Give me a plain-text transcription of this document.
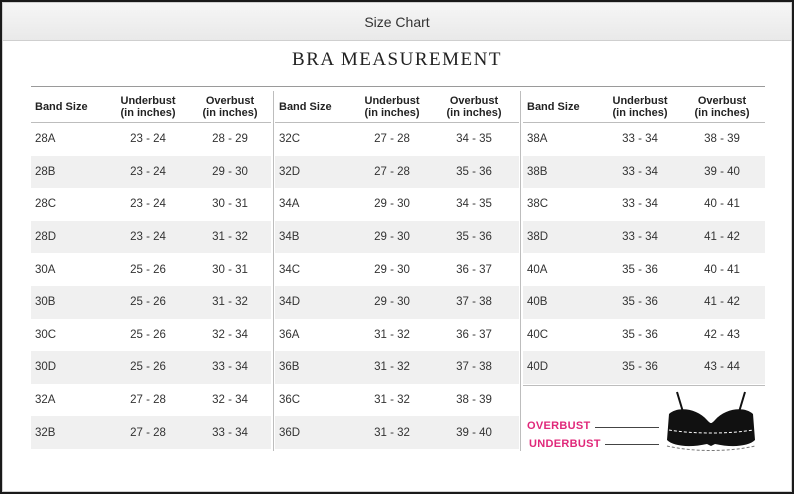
Size Chart
BRA MEASUREMENT
Band Size	Underbust
(in inches)
Overbust
(in inches)
28A	23 - 24	28 - 29
28B	23 - 24	29 - 30
28C	23 - 24	30 - 31
28D	23 - 24	31 - 32
30A	25 - 26	30 - 31
30B	25 - 26	31 - 32
30C	25 - 26	32 - 34
30D	25 - 26	33 - 34
32A	27 - 28	32 - 34
32B	27 - 28	33 - 34
Band Size	Underbust
(in inches)
Overbust
(in inches)
32C	27 - 28	34 - 35
32D	27 - 28	35 - 36
34A	29 - 30	34 - 35
34B	29 - 30	35 - 36
34C	29 - 30	36 - 37
34D	29 - 30	37 - 38
36A	31 - 32	36 - 37
36B	31 - 32	37 - 38
36C	31 - 32	38 - 39
36D	31 - 32	39 - 40
Band Size	Underbust
(in inches)
Overbust
(in inches)
38A	33 - 34	38 - 39
38B	33 - 34	39 - 40
38C	33 - 34	40 - 41
38D	33 - 34	41 - 42
40A	35 - 36	40 - 41
40B	35 - 36	41 - 42
40C	35 - 36	42 - 43
40D	35 - 36	43 - 44
OVERBUST
UNDERBUST
